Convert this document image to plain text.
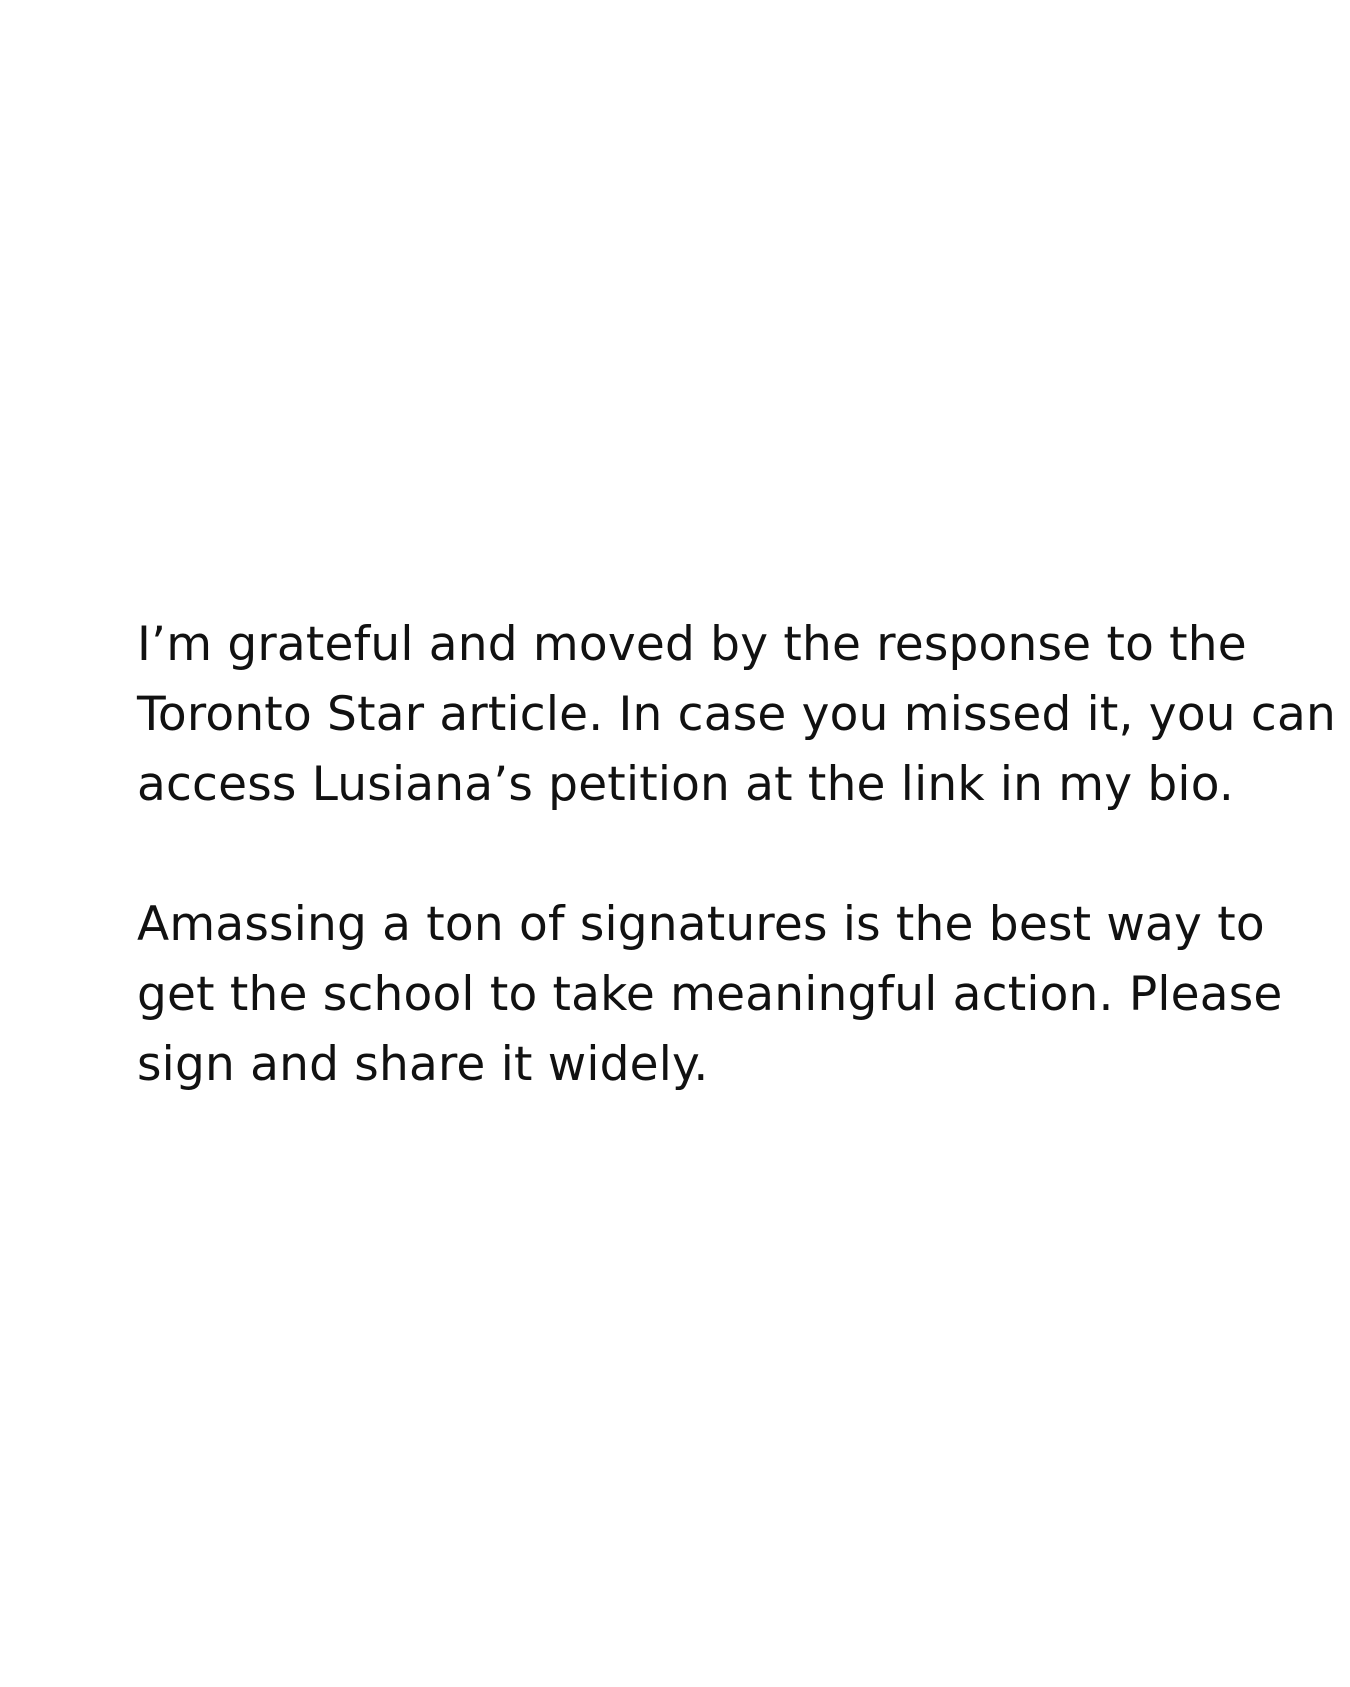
I’m grateful and moved by the response to the
Toronto Star article. In case you missed it, you can
access Lusiana’s petition at the link in my bio.

Amassing a ton of signatures is the best way to
get the school to take meaningful action. Please
sign and share it widely.
